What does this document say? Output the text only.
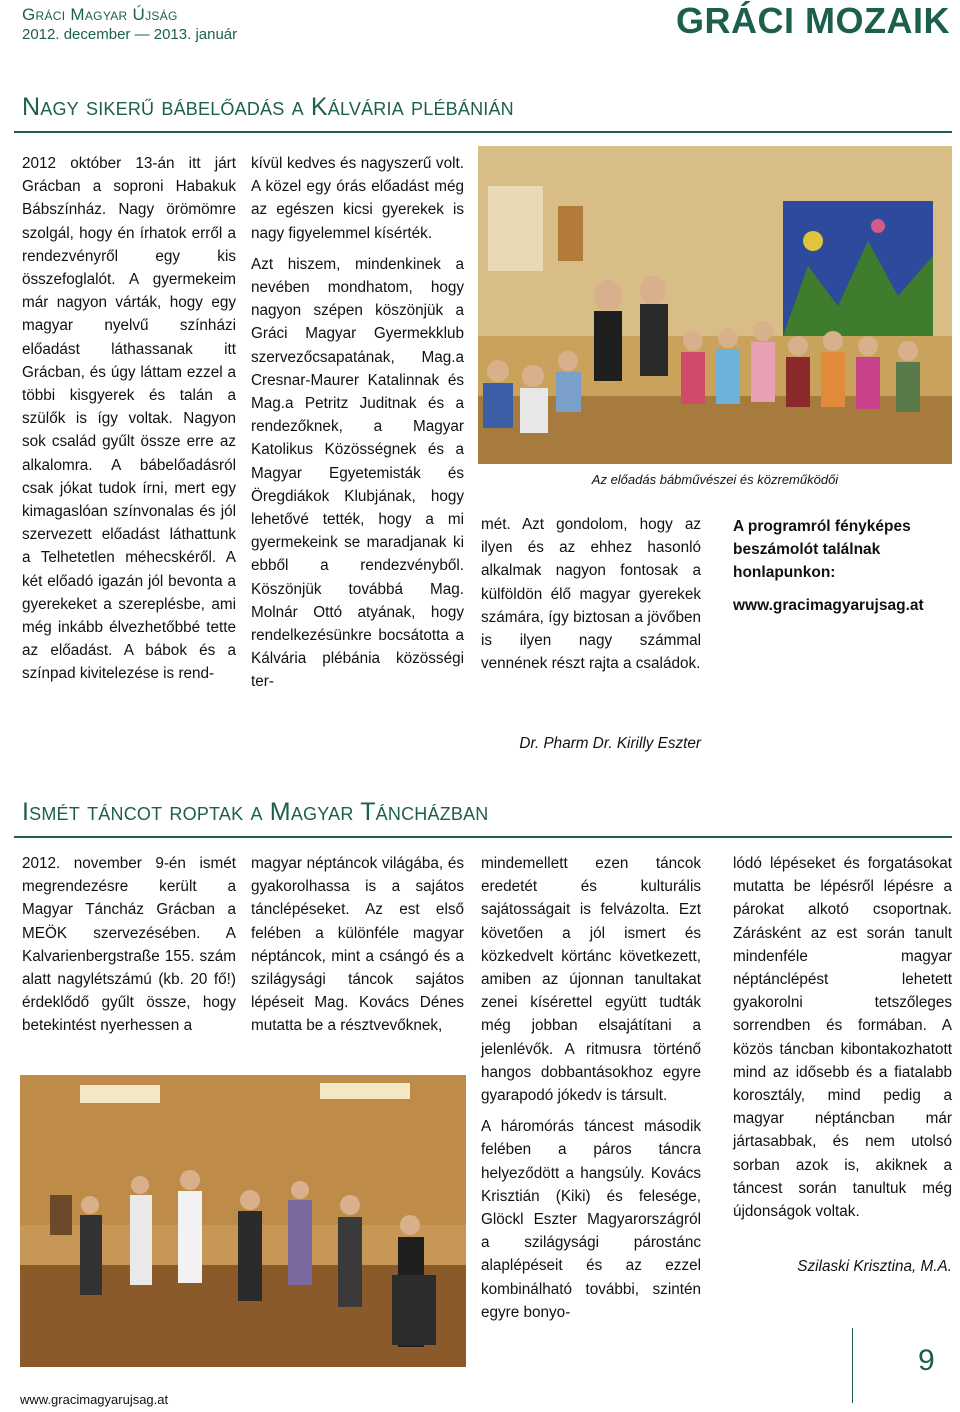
Gráci Magyar Újság
2012. december — 2013. január	GRÁCI MOZAIK
Nagy sikerű bábelőadás a Kálvária plébánián
2012 október 13-án itt járt Grácban a soproni Habakuk Bábszínház. Nagy örömömre szolgál, hogy én írhatok erről a rendezvényről egy kis összefoglalót. A gyermekeim már nagyon várták, hogy egy magyar nyelvű színházi előadást láthassanak itt Grácban, és úgy láttam ezzel a többi kisgyerek és talán a szülők is így voltak. Nagyon sok család gyűlt össze erre az alkalomra. A bábelőadásról csak jókat tudok írni, mert egy kimagaslóan színvonalas és jól szervezett előadást láthattunk a Telhetetlen méhecskéről. A két előadó igazán jól bevonta a gyerekeket a szereplésbe, ami még inkább élvezhetőbbé tette az előadást. A bábok és a színpad kivitelezése is rend-

kívül kedves és nagyszerű volt. A közel egy órás előadást még az egészen kicsi gyerekek is nagy figyelemmel kísérték.

Azt hiszem, mindenkinek a nevében mondhatom, hogy nagyon szépen köszönjük a Gráci Magyar Gyermekklub szervezőcsapatának, Mag.a Cresnar-Maurer Katalinnak és Mag.a Petritz Juditnak és a rendezőknek, a Magyar Katolikus Közösségnek és a Magyar Egyetemisták és Öregdiákok Klubjának, hogy lehetővé tették, hogy a mi gyermekeink se maradjanak ki ebből a rendezvényből. Köszönjük továbbá Mag. Molnár Ottó atyának, hogy rendelkezésünkre bocsátotta a Kálvária plébánia közösségi ter-

Az előadás bábművészei és közreműködői

mét. Azt gondolom, hogy az ilyen és az ehhez hasonló alkalmak nagyon fontosak a külföldön élő magyar gyerekek számára, így biztosan a jövőben is ilyen nagy számmal vennének részt rajta a családok.

Dr. Pharm Dr. Kirilly Eszter
A programról fényképes beszámolót találnak honlapunkon:
www.gracimagyarujsag.at
Ismét táncot roptak a Magyar Táncházban
2012. november 9-én ismét megrendezésre került a Magyar Táncház Grácban a MEÖK szervezésében. A Kalvarienbergstraße 155. szám alatt nagylétszámú (kb. 20 fő!) érdeklődő gyűlt össze, hogy betekintést nyerhessen a
magyar néptáncok világába, és gyakorolhassa is a sajátos tánclépéseket. Az est első felében a különféle magyar néptáncok, mint a csángó és a szilágysági táncok sajátos lépéseit Mag. Kovács Dénes mutatta be a résztvevőknek,

mindemellett ezen táncok eredetét és kulturális sajátosságait is felvázolta. Ezt követően a jól ismert és közkedvelt körtánc következett, amiben az újonnan tanultakat zenei kísérettel együtt tudták még jobban elsajátítani a jelenlévők. A ritmusra történő hangos dobbantásokhoz egyre gyarapodó jókedv is társult.

A háromórás táncest második felében a páros táncra helyeződött a hangsúly. Kovács Krisztián (Kiki) és felesége, Glöckl Eszter Magyarországról a szilágysági párostánc alaplépéseit és az ezzel kombinálható további, szintén egyre bonyo-

lódó lépéseket és forgatásokat mutatta be lépésről lépésre a párokat alkotó csoportnak. Zárásként az est során tanult mindenféle magyar néptánclépést lehetett gyakorolni tetszőleges sorrendben és formában. A közös táncban kibontakozhatott mind az idősebb és a fiatalabb korosztály, mind pedig a magyar néptáncban már jártasabbak, és nem utolsó sorban azok is, akiknek a táncest során tanultuk még újdonságok voltak.
Szilaski Krisztina, M.A.
9
www.gracimagyarujsag.at
